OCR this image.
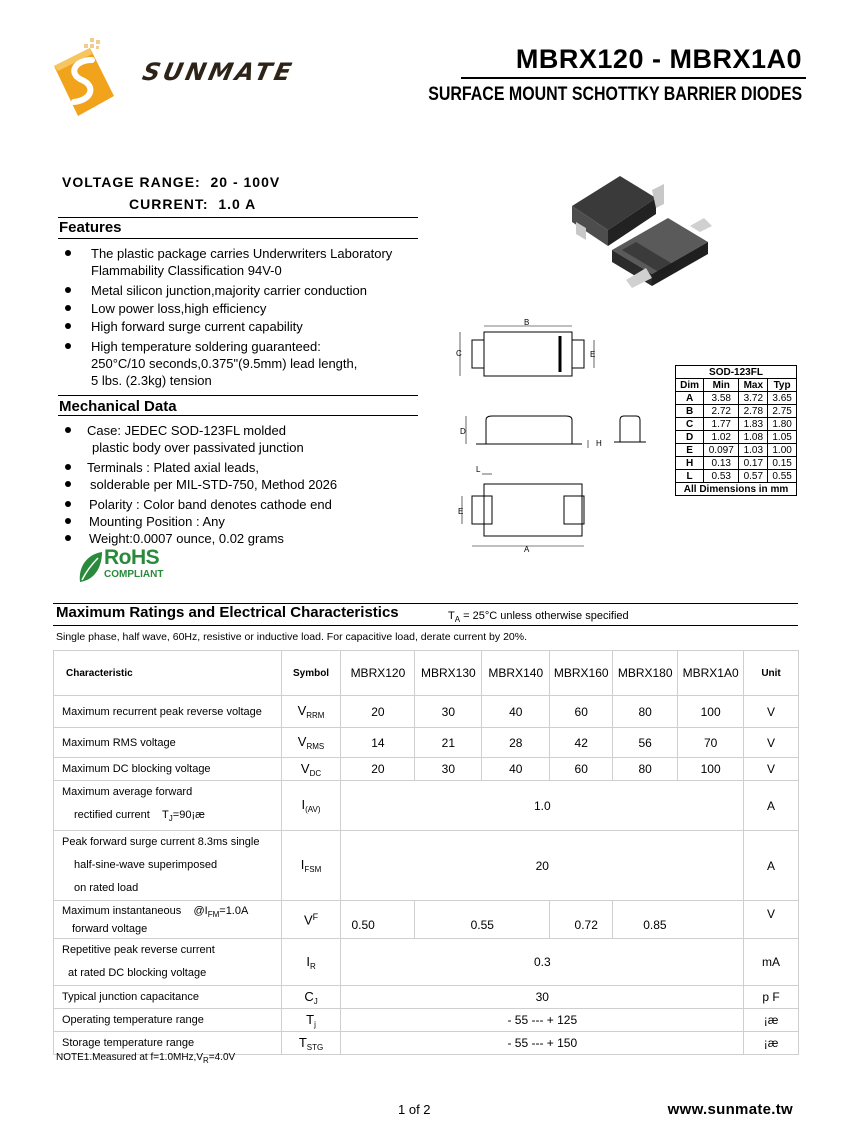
SUNMATE	MBRX120 - MBRX1A0
SURFACE MOUNT SCHOTTKY BARRIER DIODES
VOLTAGE RANGE: 20 - 100V
CURRENT: 1.0 A
Features
The plastic package carries Underwriters Laboratory
Flammability Classification 94V-0
Metal silicon junction,majority carrier conduction
Low power loss,high efficiency
High forward surge current capability
High temperature soldering guaranteed:
250°C/10 seconds,0.375"(9.5mm) lead length,
5 lbs. (2.3kg) tension
Mechanical Data
Case: JEDEC SOD-123FL molded
plastic body over passivated junction
Terminals : Plated axial leads,
solderable per MIL-STD-750, Method 2026
Polarity : Color band denotes cathode end
Mounting Position : Any
Weight:0.0007 ounce, 0.02 grams
RoHS
COMPLIANT
B
C	E
D
H
L
E
A
SOD-123FL			
Dim	Min	Max	Typ
A	3.58	3.72	3.65
B	2.72	2.78	2.75
C	1.77	1.83	1.80
D	1.02	1.08	1.05
E	0.097	1.03	1.00
H	0.13	0.17	0.15
L	0.53	0.57	0.55
All Dimensions in mm			
Maximum Ratings and Electrical Characteristics	$T_A = 25^\circ C$ unless otherwise specified
Single phase, half wave, 60Hz, resistive or inductive load. For capacitive load, derate current by 20%.
Characteristic	Symbol	MBRX120	MBRX130	MBRX140	MBRX160	MBRX180	MBRX1A0	Unit
Maximum recurrent peak reverse voltage	$V_{RRM}$	20	30	40	60	80	100	V
Maximum RMS voltage	$V_{RMS}$	14	21	28	42	56	70	V
Maximum DC blocking voltage	$V_{DC}$	20	30	40	60	80	100	V

Maximum average forward
rectified current $T_J=90¡æ$	$I_{(AV)}$	1.0						A

Peak forward surge current 8.3ms single
half-sine-wave superimposed
on rated load	$I_{FSM}$	20						A

Maximum instantaneous $@I_{FM}=1.0A$
forward voltage	$V^F$	0.50	0.55		0.72	0.85		V

Repetitive peak reverse current
at rated DC blocking voltage	$I_R$	0.3						mA
Typical junction capacitance	$C_J$	30						p F
Operating temperature range	$T_j$	- 55 --- + 125						¡æ
Storage temperature range	$T_{STG}$	- 55 --- + 150						¡æ
NOTE1.Measured at $f=1.0MHz,V_R=4.0V$
1 of 2	www.sunmate.tw
